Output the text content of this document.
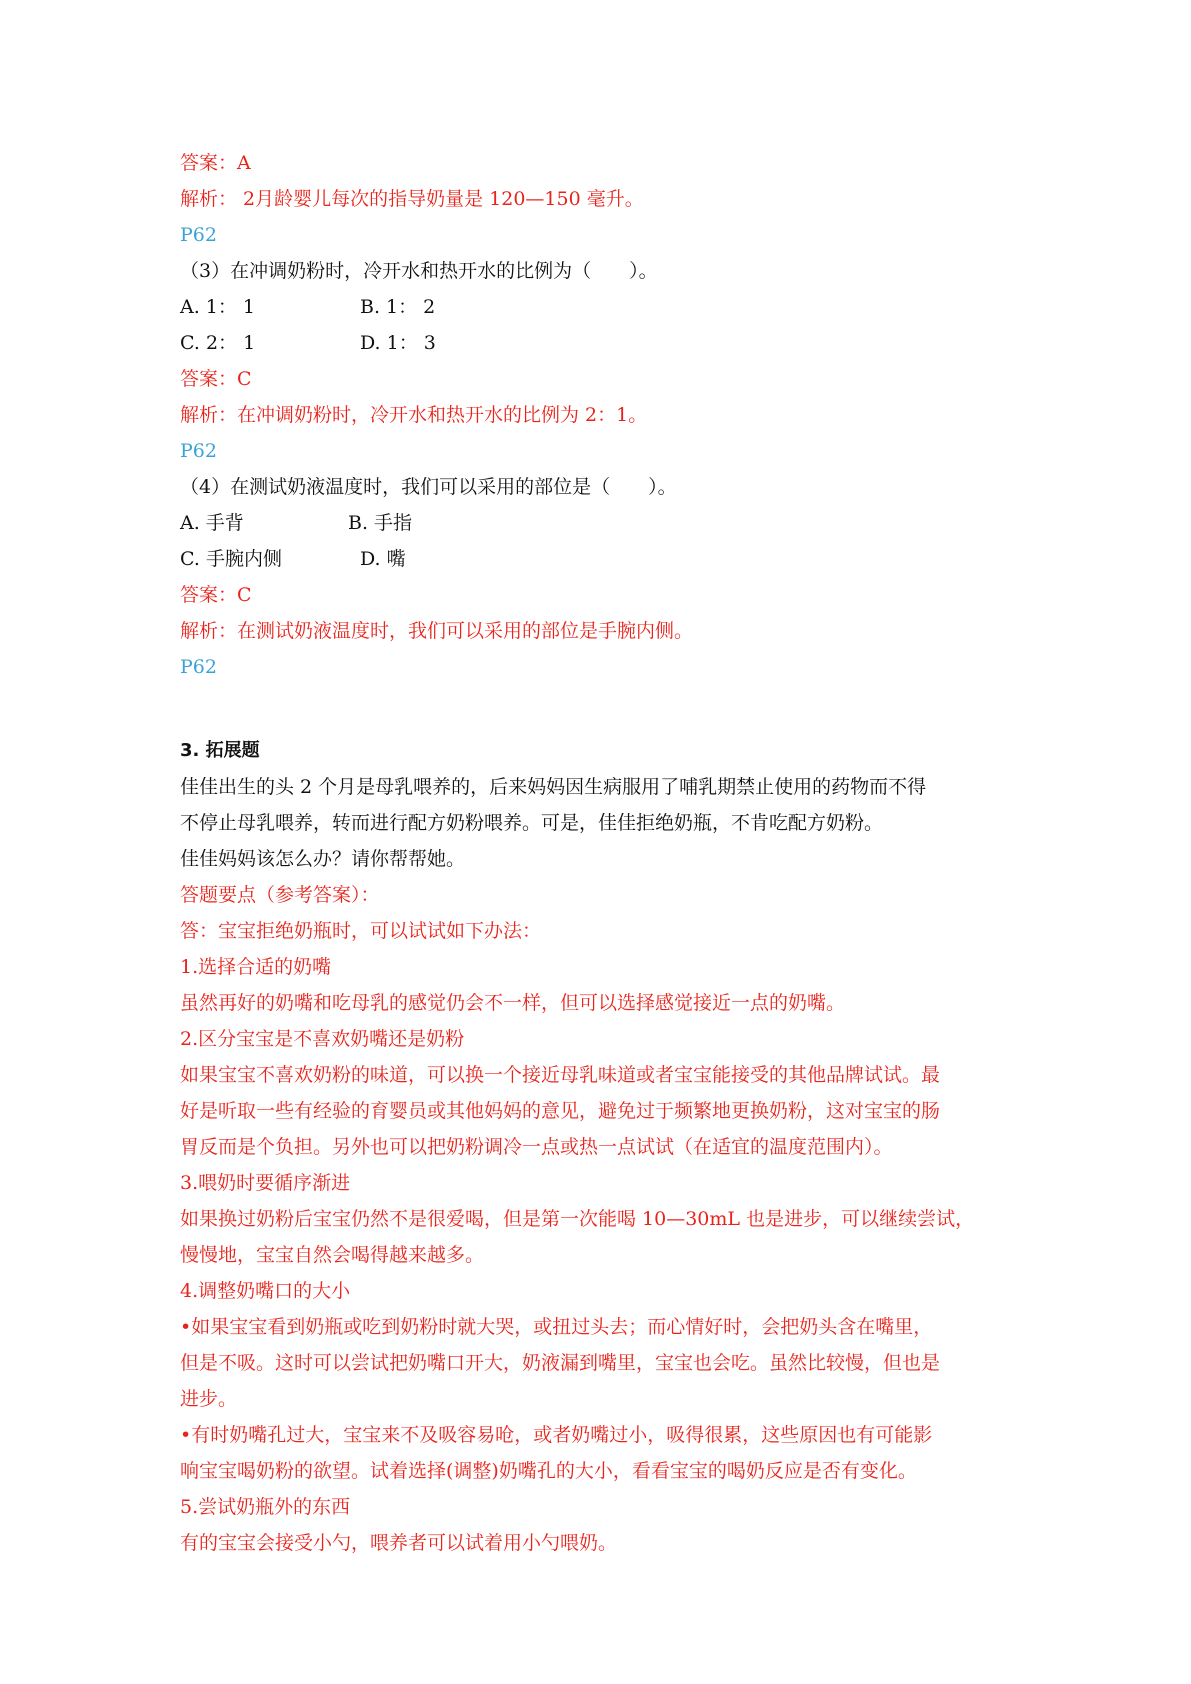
答案：A
解析： 2月龄婴儿每次的指导奶量是 120—150 毫升。
P62
（3）在冲调奶粉时，冷开水和热开水的比例为（　　）。
A. 1： 1	B. 1： 2
C. 2： 1	D. 1： 3
答案：C
解析：在冲调奶粉时，冷开水和热开水的比例为 2：1。
P62
（4）在测试奶液温度时，我们可以采用的部位是（　　）。
A. 手背	B. 手指
C. 手腕内侧	D. 嘴
答案：C
解析：在测试奶液温度时，我们可以采用的部位是手腕内侧。
P62
3. 拓展题
佳佳出生的头 2 个月是母乳喂养的，后来妈妈因生病服用了哺乳期禁止使用的药物而不得
不停止母乳喂养，转而进行配方奶粉喂养。可是，佳佳拒绝奶瓶，不肯吃配方奶粉。
佳佳妈妈该怎么办？请你帮帮她。
答题要点（参考答案）：
答：宝宝拒绝奶瓶时，可以试试如下办法：
1.选择合适的奶嘴
虽然再好的奶嘴和吃母乳的感觉仍会不一样，但可以选择感觉接近一点的奶嘴。
2.区分宝宝是不喜欢奶嘴还是奶粉
如果宝宝不喜欢奶粉的味道，可以换一个接近母乳味道或者宝宝能接受的其他品牌试试。最
好是听取一些有经验的育婴员或其他妈妈的意见，避免过于频繁地更换奶粉，这对宝宝的肠
胃反而是个负担。另外也可以把奶粉调冷一点或热一点试试（在适宜的温度范围内）。
3.喂奶时要循序渐进
如果换过奶粉后宝宝仍然不是很爱喝，但是第一次能喝 10—30mL 也是进步，可以继续尝试，
慢慢地，宝宝自然会喝得越来越多。
4.调整奶嘴口的大小
•如果宝宝看到奶瓶或吃到奶粉时就大哭，或扭过头去；而心情好时，会把奶头含在嘴里，
但是不吸。这时可以尝试把奶嘴口开大，奶液漏到嘴里，宝宝也会吃。虽然比较慢，但也是
进步。
•有时奶嘴孔过大，宝宝来不及吸容易呛，或者奶嘴过小，吸得很累，这些原因也有可能影
响宝宝喝奶粉的欲望。试着选择(调整)奶嘴孔的大小，看看宝宝的喝奶反应是否有变化。
5.尝试奶瓶外的东西
有的宝宝会接受小勺，喂养者可以试着用小勺喂奶。
